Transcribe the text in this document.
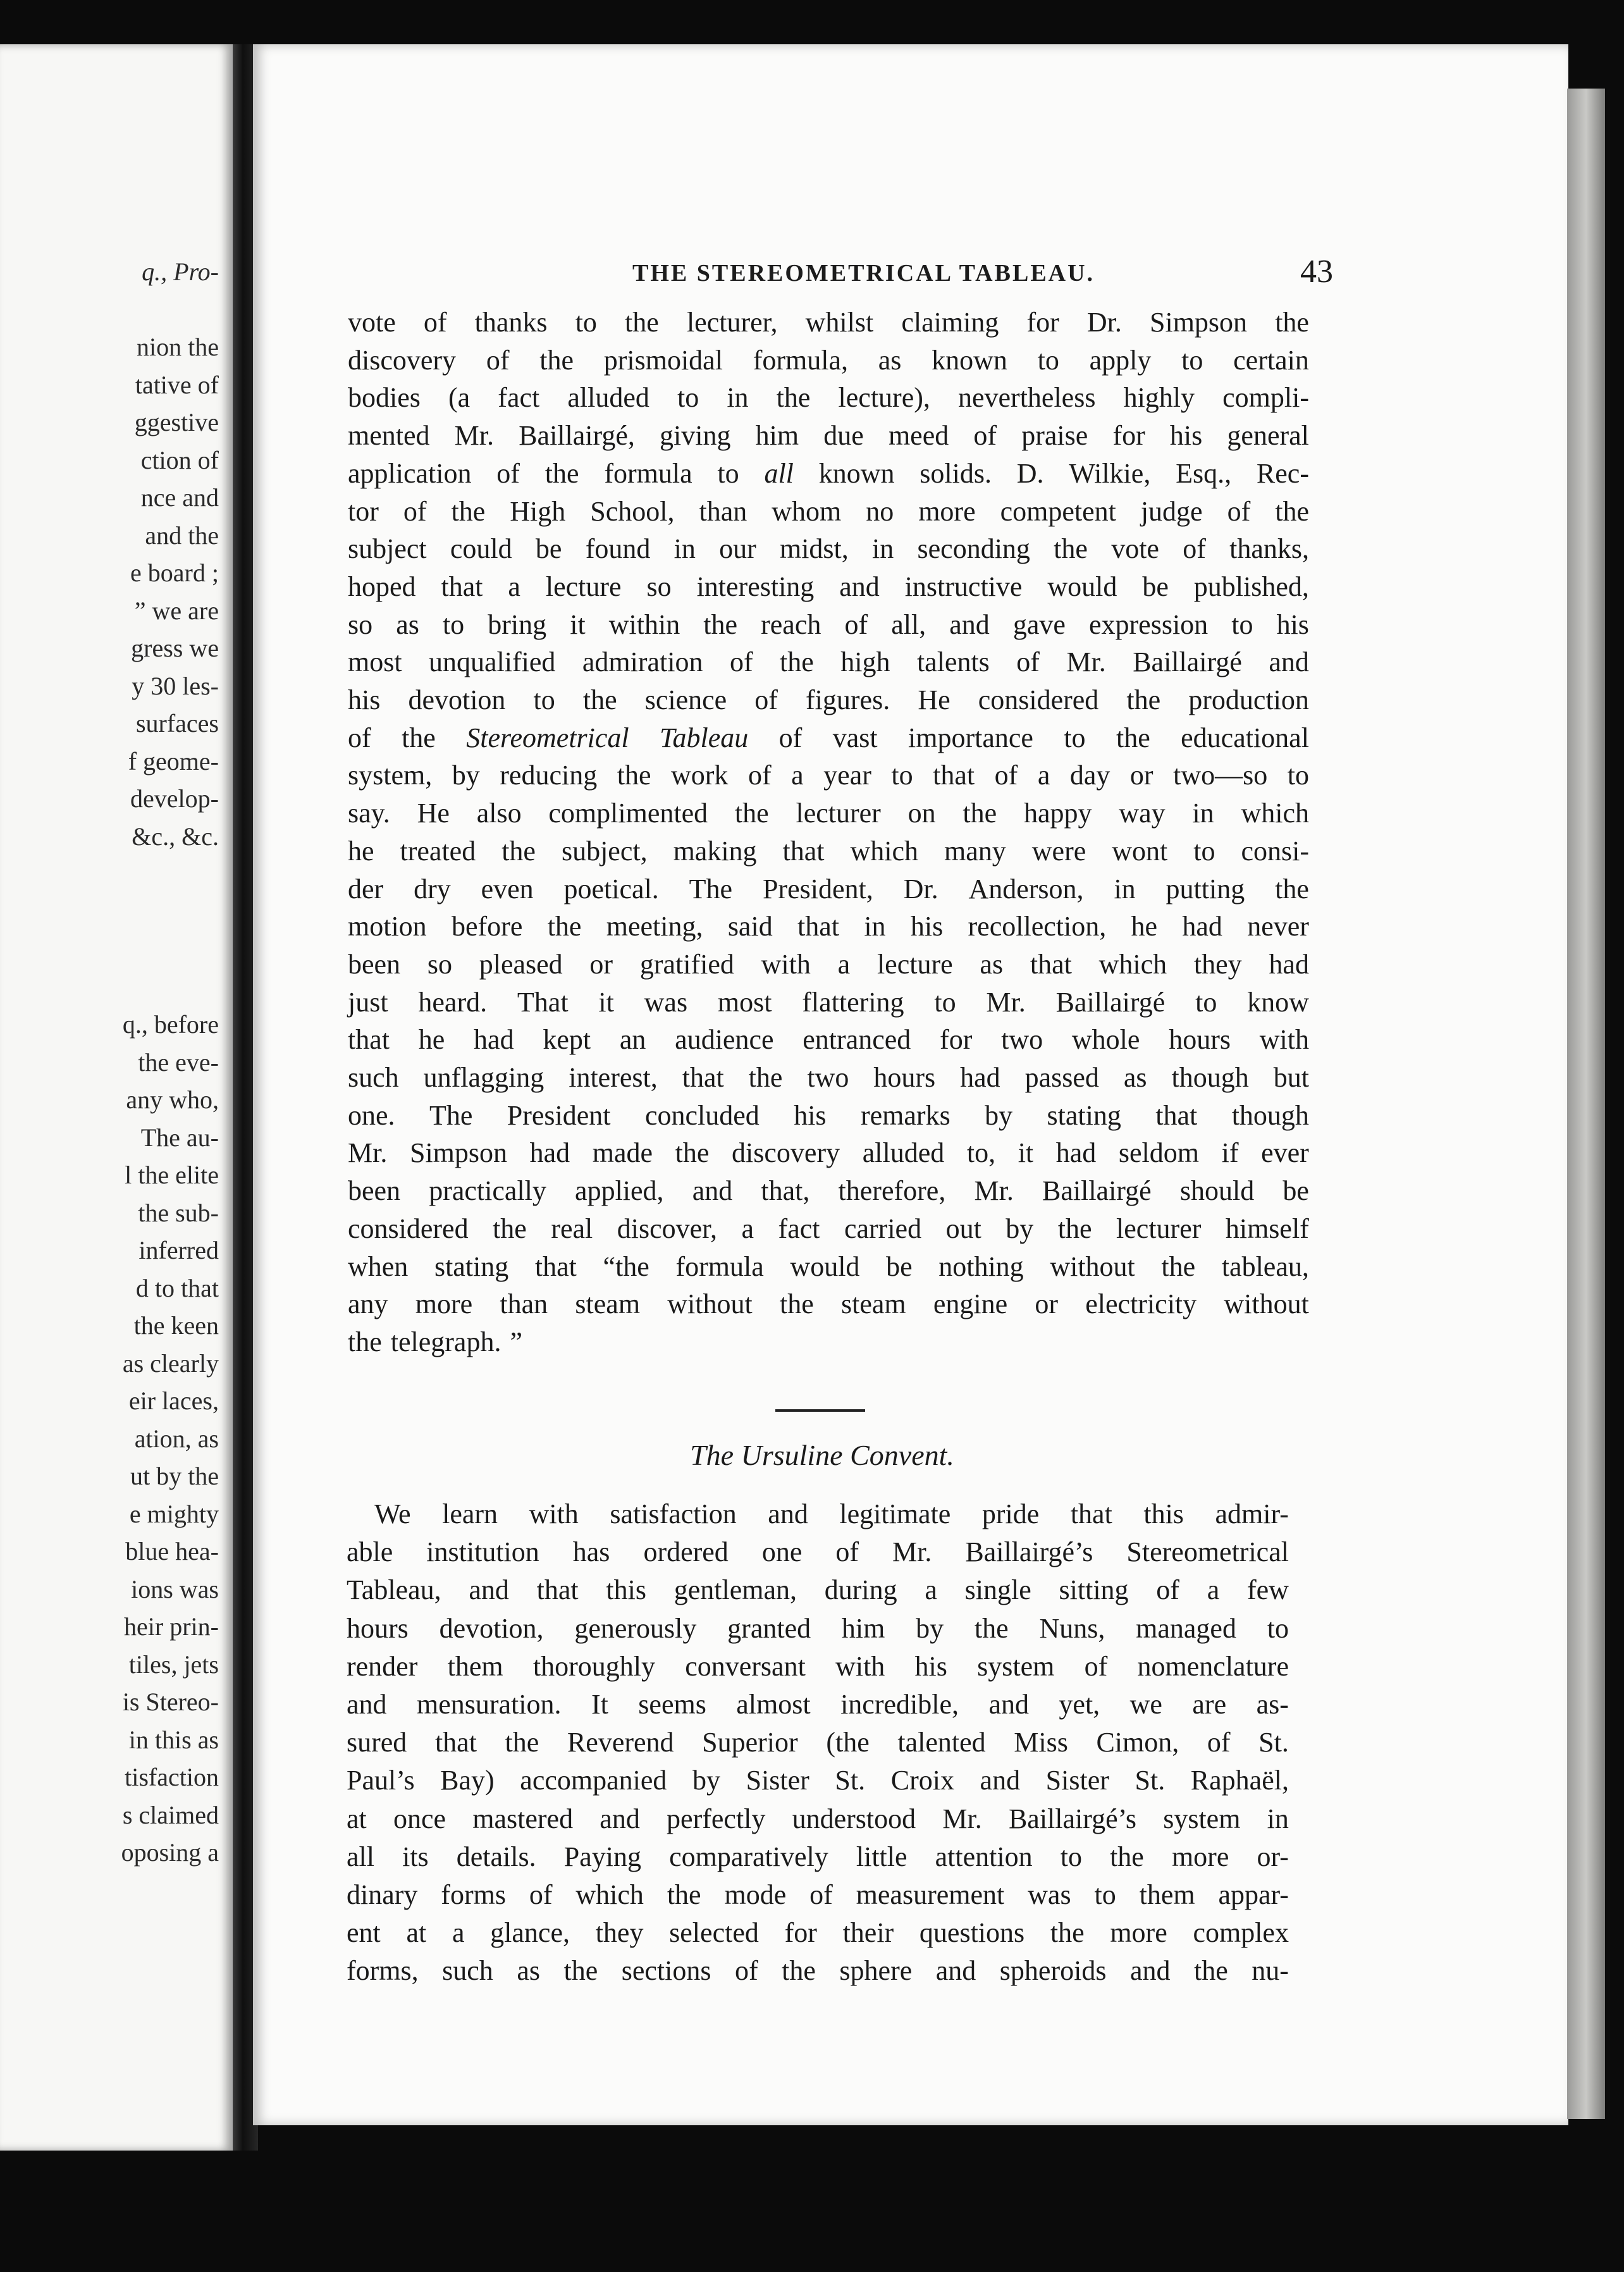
q., Pro-
nion the
tative of
ggestive
ction of
nce and
and the
e board ;
” we are
gress we
y 30 les-
surfaces
f geome-
develop-
&c., &c.
q., before
the eve-
any who,
The au-
l the elite
the sub-
inferred
d to that
the keen
as clearly
eir laces,
ation, as
ut by the
e mighty
blue hea-
ions was
heir prin-
tiles, jets
is Stereo-
in this as
tisfaction
s claimed
oposing a
THE STEREOMETRICAL TABLEAU.	43
vote of thanks to the lecturer, whilst claiming for Dr. Simpson the
discovery of the prismoidal formula, as known to apply to certain
bodies (a fact alluded to in the lecture), nevertheless highly compli-
mented Mr. Baillairgé, giving him due meed of praise for his general
application of the formula to all known solids. D. Wilkie, Esq., Rec-
tor of the High School, than whom no more competent judge of the
subject could be found in our midst, in seconding the vote of thanks,
hoped that a lecture so interesting and instructive would be published,
so as to bring it within the reach of all, and gave expression to his
most unqualified admiration of the high talents of Mr. Baillairgé and
his devotion to the science of figures. He considered the production
of the Stereometrical Tableau of vast importance to the educational
system, by reducing the work of a year to that of a day or two—so to
say. He also complimented the lecturer on the happy way in which
he treated the subject, making that which many were wont to consi-
der dry even poetical. The President, Dr. Anderson, in putting the
motion before the meeting, said that in his recollection, he had never
been so pleased or gratified with a lecture as that which they had
just heard. That it was most flattering to Mr. Baillairgé to know
that he had kept an audience entranced for two whole hours with
such unflagging interest, that the two hours had passed as though but
one. The President concluded his remarks by stating that though
Mr. Simpson had made the discovery alluded to, it had seldom if ever
been practically applied, and that, therefore, Mr. Baillairgé should be
considered the real discover, a fact carried out by the lecturer himself
when stating that “the formula would be nothing without the tableau,
any more than steam without the steam engine or electricity without
the telegraph. ”
The Ursuline Convent.
We learn with satisfaction and legitimate pride that this admir-
able institution has ordered one of Mr. Baillairgé’s Stereometrical
Tableau, and that this gentleman, during a single sitting of a few
hours devotion, generously granted him by the Nuns, managed to
render them thoroughly conversant with his system of nomenclature
and mensuration. It seems almost incredible, and yet, we are as-
sured that the Reverend Superior (the talented Miss Cimon, of St.
Paul’s Bay) accompanied by Sister St. Croix and Sister St. Raphaël,
at once mastered and perfectly understood Mr. Baillairgé’s system in
all its details. Paying comparatively little attention to the more or-
dinary forms of which the mode of measurement was to them appar-
ent at a glance, they selected for their questions the more complex
forms, such as the sections of the sphere and spheroids and the nu-
